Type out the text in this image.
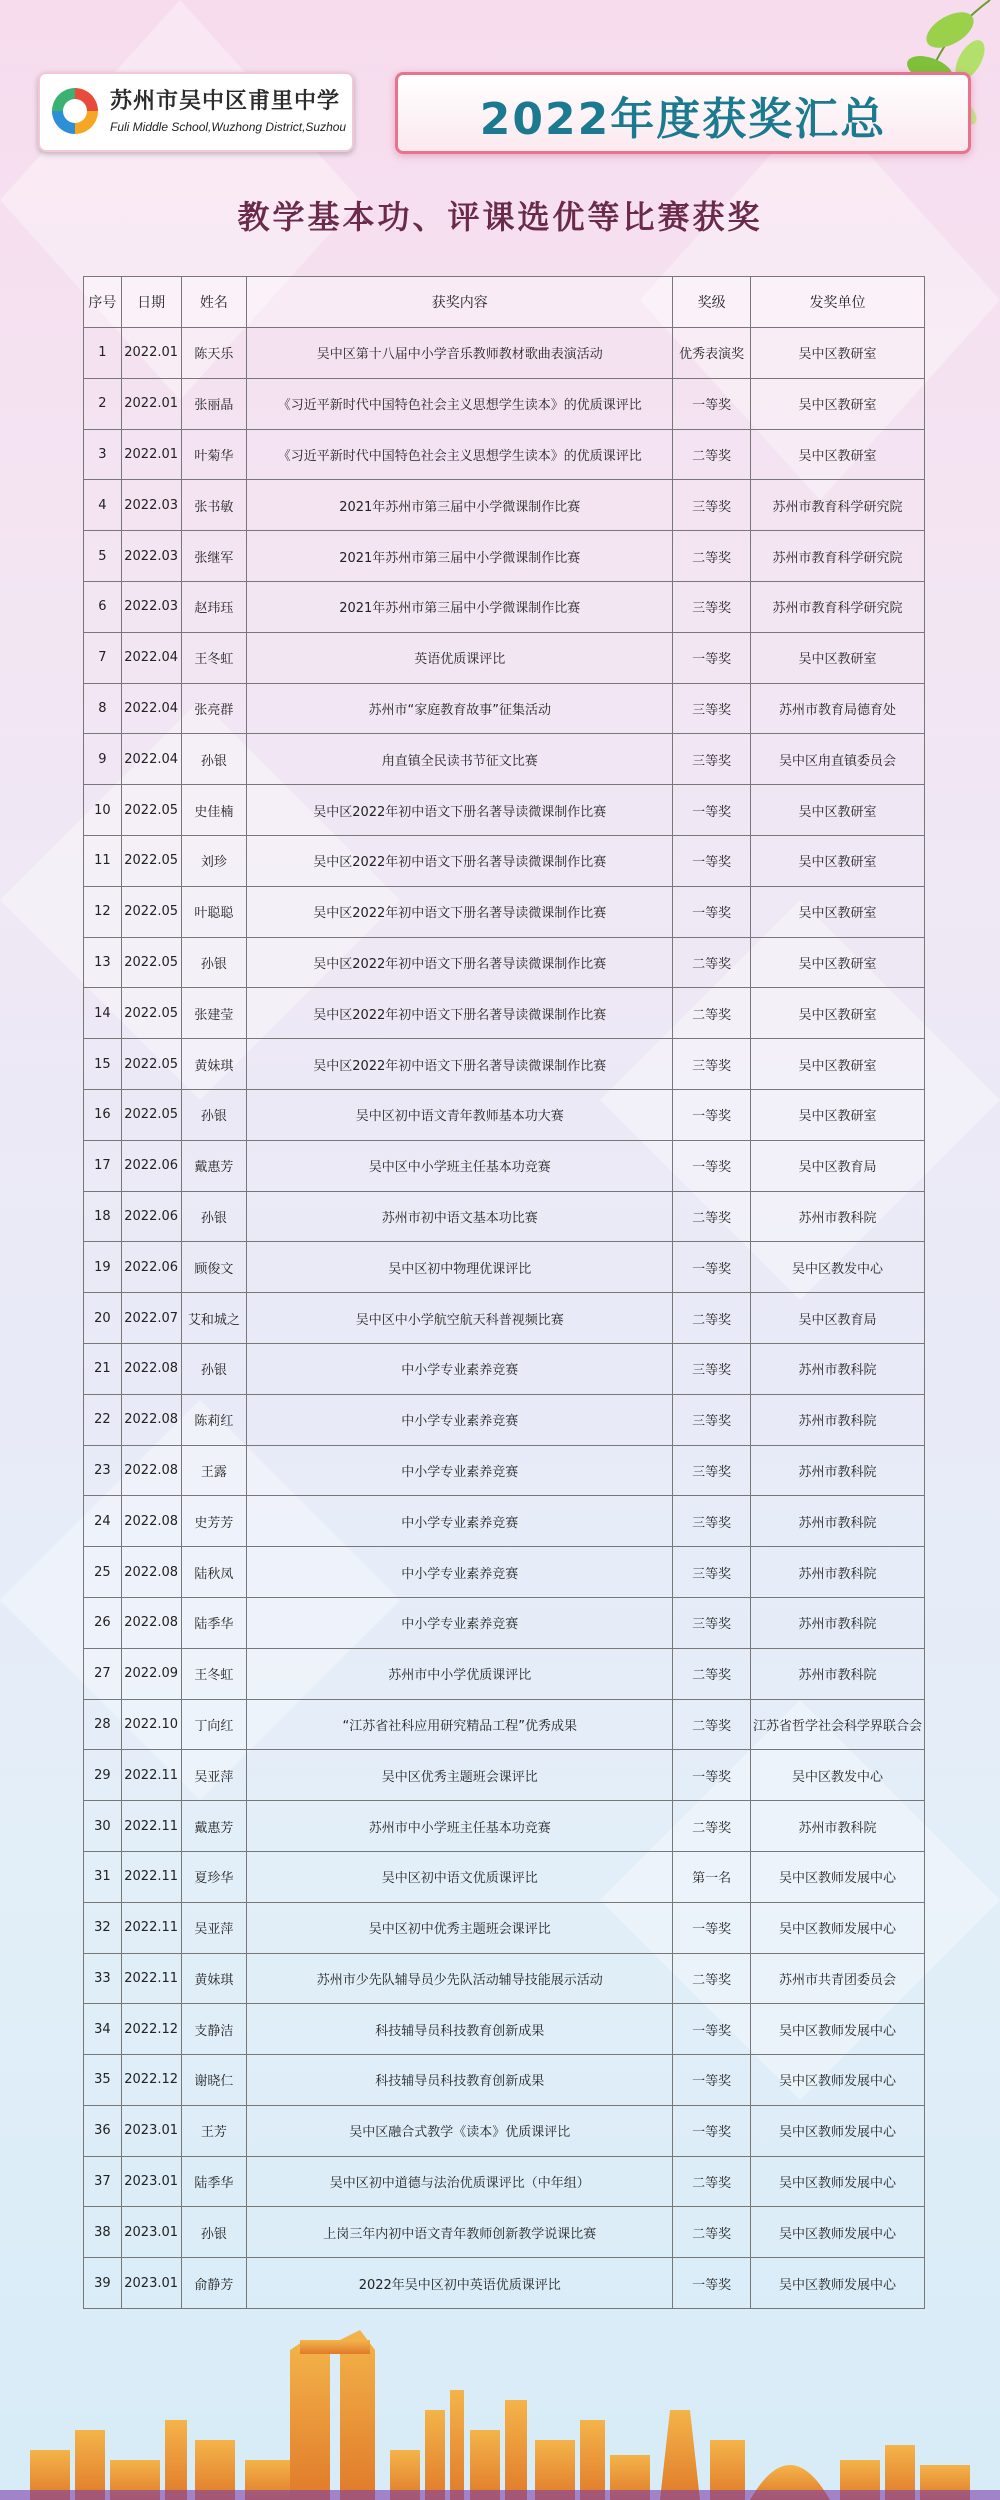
苏州市吴中区甫里中学
Fuli Middle School,Wuzhong District,Suzhou	2022年度获奖汇总
教学基本功、评课选优等比赛获奖
序号	日期	姓名	获奖内容	奖级	发奖单位
1	2022.01	陈天乐	吴中区第十八届中小学音乐教师教材歌曲表演活动	优秀表演奖	吴中区教研室
2	2022.01	张丽晶	《习近平新时代中国特色社会主义思想学生读本》的优质课评比	一等奖	吴中区教研室
3	2022.01	叶菊华	《习近平新时代中国特色社会主义思想学生读本》的优质课评比	二等奖	吴中区教研室
4	2022.03	张书敏	2021年苏州市第三届中小学微课制作比赛	三等奖	苏州市教育科学研究院
5	2022.03	张继军	2021年苏州市第三届中小学微课制作比赛	二等奖	苏州市教育科学研究院
6	2022.03	赵玮珏	2021年苏州市第三届中小学微课制作比赛	三等奖	苏州市教育科学研究院
7	2022.04	王冬虹	英语优质课评比	一等奖	吴中区教研室
8	2022.04	张亮群	苏州市“家庭教育故事”征集活动	三等奖	苏州市教育局德育处
9	2022.04	孙银	甪直镇全民读书节征文比赛	三等奖	吴中区甪直镇委员会
10	2022.05	史佳楠	吴中区2022年初中语文下册名著导读微课制作比赛	一等奖	吴中区教研室
11	2022.05	刘珍	吴中区2022年初中语文下册名著导读微课制作比赛	一等奖	吴中区教研室
12	2022.05	叶聪聪	吴中区2022年初中语文下册名著导读微课制作比赛	一等奖	吴中区教研室
13	2022.05	孙银	吴中区2022年初中语文下册名著导读微课制作比赛	二等奖	吴中区教研室
14	2022.05	张建莹	吴中区2022年初中语文下册名著导读微课制作比赛	二等奖	吴中区教研室
15	2022.05	黄妹琪	吴中区2022年初中语文下册名著导读微课制作比赛	三等奖	吴中区教研室
16	2022.05	孙银	吴中区初中语文青年教师基本功大赛	一等奖	吴中区教研室
17	2022.06	戴惠芳	吴中区中小学班主任基本功竞赛	一等奖	吴中区教育局
18	2022.06	孙银	苏州市初中语文基本功比赛	二等奖	苏州市教科院
19	2022.06	顾俊文	吴中区初中物理优课评比	一等奖	吴中区教发中心
20	2022.07	艾和城之	吴中区中小学航空航天科普视频比赛	二等奖	吴中区教育局
21	2022.08	孙银	中小学专业素养竞赛	三等奖	苏州市教科院
22	2022.08	陈莉红	中小学专业素养竞赛	三等奖	苏州市教科院
23	2022.08	王露	中小学专业素养竞赛	三等奖	苏州市教科院
24	2022.08	史芳芳	中小学专业素养竞赛	三等奖	苏州市教科院
25	2022.08	陆秋凤	中小学专业素养竞赛	三等奖	苏州市教科院
26	2022.08	陆季华	中小学专业素养竞赛	三等奖	苏州市教科院
27	2022.09	王冬虹	苏州市中小学优质课评比	二等奖	苏州市教科院
28	2022.10	丁向红	“江苏省社科应用研究精品工程”优秀成果	二等奖	江苏省哲学社会科学界联合会
29	2022.11	吴亚萍	吴中区优秀主题班会课评比	一等奖	吴中区教发中心
30	2022.11	戴惠芳	苏州市中小学班主任基本功竞赛	二等奖	苏州市教科院
31	2022.11	夏珍华	吴中区初中语文优质课评比	第一名	吴中区教师发展中心
32	2022.11	吴亚萍	吴中区初中优秀主题班会课评比	一等奖	吴中区教师发展中心
33	2022.11	黄妹琪	苏州市少先队辅导员少先队活动辅导技能展示活动	二等奖	苏州市共青团委员会
34	2022.12	支静洁	科技辅导员科技教育创新成果	一等奖	吴中区教师发展中心
35	2022.12	谢晓仁	科技辅导员科技教育创新成果	一等奖	吴中区教师发展中心
36	2023.01	王芳	吴中区融合式教学《读本》优质课评比	一等奖	吴中区教师发展中心
37	2023.01	陆季华	吴中区初中道德与法治优质课评比（中年组）	二等奖	吴中区教师发展中心
38	2023.01	孙银	上岗三年内初中语文青年教师创新教学说课比赛	二等奖	吴中区教师发展中心
39	2023.01	俞静芳	2022年吴中区初中英语优质课评比	一等奖	吴中区教师发展中心
